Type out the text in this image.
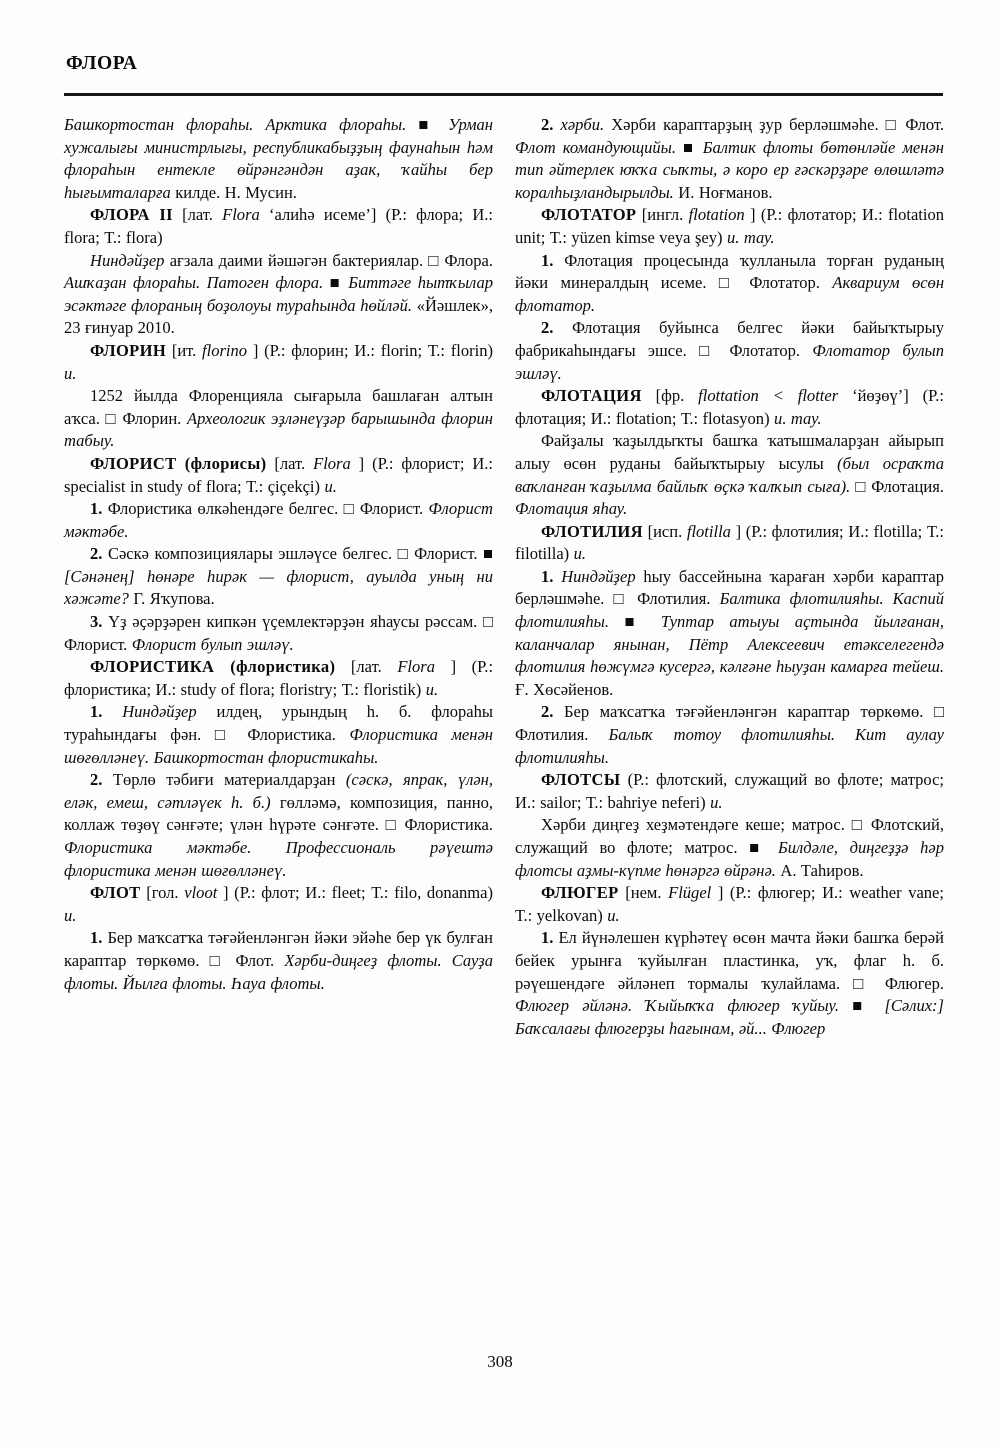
ФЛОРА

Башкортостан флораһы. Арктика флораһы. ■ Урман хужалығы министрлығы, республикабыҙҙың фаунаһын һәм флораһын ентекле өйрәнгәндән аҙак, ҡайһы бер һығымталарға килде. Н. Мусин.

ФЛОРА II [лат. Flora ‘алиһә исеме’] (Р.: флора; И.: flora; Т.: flora)

Ниндәйҙер ағзала даими йәшәгән бактериялар. □ Флора. Ашҡаҙан флораһы. Патоген флора. ■ Биттәге һытҡылар эсәктәге флораның боҙолоуы тураһында һөйләй. «Йәшлек», 23 ғинуар 2010.

ФЛОРИН [ит. florino ] (Р.: флорин; И.: florin; Т.: florin) и.

1252 йылда Флоренцияла сығарыла башлаған алтын аҡса. □ Флорин. Археологик эҙләнеүҙәр барышында флорин табыу.

ФЛОРИСТ (флорисы) [лат. Flora ] (Р.: флорист; И.: specialist in study of flora; Т.: çiçekçi) и.

1. Флористика өлкәһендәге белгес. □ Флорист. Флорист мәктәбе.

2. Сәскә композициялары эшләүсе белгес. □ Флорист. ■ [Сәнәнең] һөнәре һирәк — флорист, ауылда уның ни хәжәте? Г. Яҡупова.

3. Үҙ әҫәрҙәрен кипкән үҫемлектәрҙән яһаусы рәссам. □ Флорист. Флорист булып эшләү.

ФЛОРИСТИКА (флористика) [лат. Flora ] (Р.: флористика; И.: study of flora; floristry; Т.: floristik) и.

1. Ниндәйҙер илдең, урындың һ. б. флораһы тураһындағы фән. □ Флористика. Флористика менән шөғөлләнеү. Башкортостан флористикаһы.

2. Төрлө тәбиғи материалдарҙан (сәскә, япрак, үлән, еләк, емеш, сәтләүек һ. б.) гөлләмә, композиция, панно, коллаж төҙөү сәнғәте; үлән һүрәте сәнғәте. □ Флористика. Флористика мәктәбе. Профессиональ рәүештә флористика менән шөғөлләнеү.

ФЛОТ [гол. vloot ] (Р.: флот; И.: fleet; Т.: filo, donanma) и.

1. Бер маҡсатҡа тәғәйенләнгән йәки эйәһе бер үк булған караптар төркөмө. □ Флот. Хәрби-диңгеҙ флоты. Сауҙа флоты. Йылға флоты. Һауа флоты.

2. хәрби. Хәрби караптарҙың ҙур берләшмәһе. □ Флот. Флот командующийы. ■ Балтик флоты бөтөнләйе менән тип әйтерлек юҡҡа сыҡты, ә коро ер ғәскәрҙәре өлөшләтә коралһыҙландырылды. И. Ноғманов.

ФЛОТАТОР [ингл. flotation ] (Р.: флотатор; И.: flotation unit; Т.: yüzen kimse veya şey) и. тау.

1. Флотация процесында ҡулланыла торған руданың йәки минералдың исеме. □ Флотатор. Аквариум өсөн флотатор.

2. Флотация буйынса белгес йәки байыҡтырыу фабрикаһындағы эшсе. □ Флотатор. Флотатор булып эшләү.

ФЛОТАЦИЯ [фр. flottation < flotter ‘йөҙөү’] (Р.: флотация; И.: flotation; Т.: flotasyon) и. тау.

Файҙалы ҡаҙылдыҡты башҡа ҡатышмаларҙан айырып алыу өсөн руданы байыҡтырыу ысулы (был осраҡта ваҡланған ҡаҙылма байлыҡ өҫкә ҡалҡып сыға). □ Флотация. Флотация яһау.

ФЛОТИЛИЯ [исп. flotilla ] (Р.: флотилия; И.: flotilla; Т.: filotilla) и.

1. Ниндәйҙер һыу бассейнына ҡараған хәрби караптар берләшмәһе. □ Флотилия. Балтика флотилияһы. Каспий флотилияһы. ■ Туптар атыуы аҫтында йылғанан, каланчалар янынан, Пётр Алексеевич етәкселегендә флотилия һөжүмгә кусергә, кәлғәне һыуҙан камарға тейеш. Ғ. Хөсәйенов.

2. Бер маҡсатҡа тәғәйенләнгән караптар төркөмө. □ Флотилия. Балыҡ тотоу флотилияһы. Кит аулау флотилияһы.

ФЛОТСЫ (Р.: флотский, служащий во флоте; матрос; И.: sailor; Т.: bahriye neferi) и.

Хәрби диңгеҙ хеҙмәтендәге кеше; матрос. □ Флотский, служащий во флоте; матрос. ■ Билдәле, диңгеҙҙә һәр флотсы аҙмы-күпме һөнәргә өйрәнә. А. Таһиров.

ФЛЮГЕР [нем. Flügel ] (Р.: флюгер; И.: weather vane; Т.: yelkovan) и.

1. Ел йүнәлешен күрһәтеү өсөн мачта йәки башҡа берәй бейек урынға ҡуйылған пластинка, уҡ, флаг һ. б. рәүешендәге әйләнеп тормалы ҡулайлама. □ Флюгер. Флюгер әйләнә. Ҡыйыҡҡа флюгер ҡуйыу. ■ [Сәлих:] Баҡсалағы флюгерҙы һағынам, әй... Флюгер

308
